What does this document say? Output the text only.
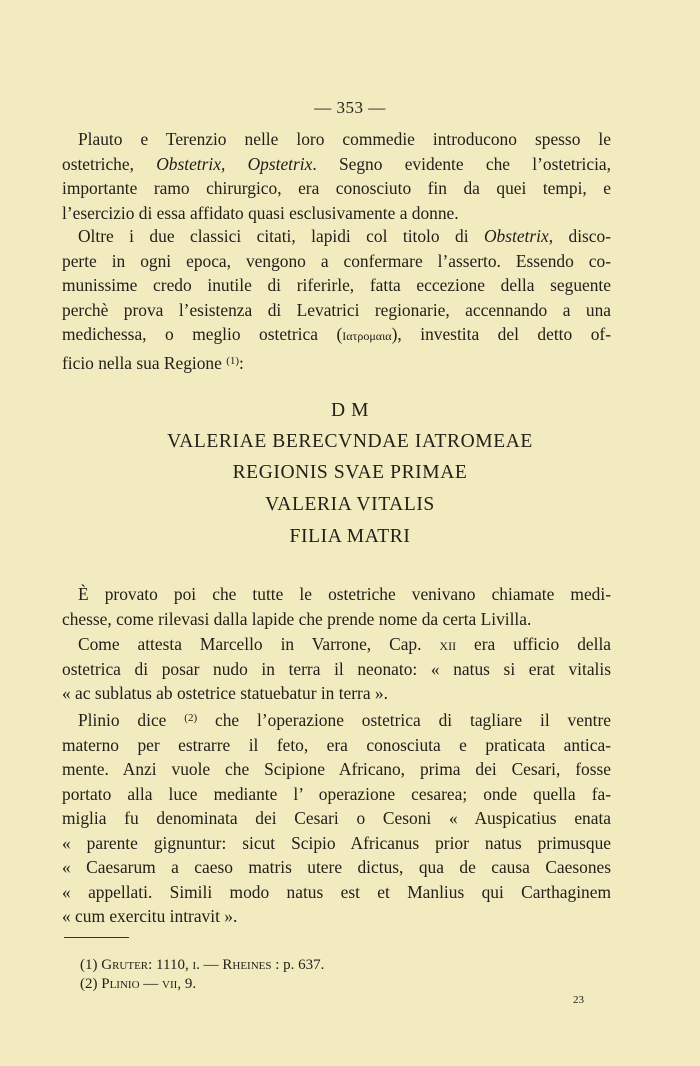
— 353 —
Plauto e Terenzio nelle loro commedie introducono spesso le
ostetriche, Obstetrix, Opstetrix. Segno evidente che l’ostetricia,
importante ramo chirurgico, era conosciuto fin da quei tempi, e
l’esercizio di essa affidato quasi esclusivamente a donne.
Oltre i due classici citati, lapidi col titolo di Obstetrix, disco-
perte in ogni epoca, vengono a confermare l’asserto. Essendo co-
munissime credo inutile di riferirle, fatta eccezione della seguente
perchè prova l’esistenza di Levatrici regionarie, accennando a una
medichessa, o meglio ostetrica (Ιατρομαια), investita del detto of-
ficio nella sua Regione $^{(1)}$:
D M
VALERIAE BERECVNDAE IATROMEAE
REGIONIS SVAE PRIMAE
VALERIA VITALIS
FILIA MATRI
È provato poi che tutte le ostetriche venivano chiamate medi-
chesse, come rilevasi dalla lapide che prende nome da certa Livilla.
Come attesta Marcello in Varrone, Cap. xii era ufficio della
ostetrica di posar nudo in terra il neonato: « natus si erat vitalis
« ac sublatus ab ostetrice statuebatur in terra ».
Plinio dice $^{(2)}$ che l’operazione ostetrica di tagliare il ventre
materno per estrarre il feto, era conosciuta e praticata antica-
mente. Anzi vuole che Scipione Africano, prima dei Cesari, fosse
portato alla luce mediante l’ operazione cesarea; onde quella fa-
miglia fu denominata dei Cesari o Cesoni « Auspicatius enata
« parente gignuntur: sicut Scipio Africanus prior natus primusque
« Caesarum a caeso matris utere dictus, qua de causa Caesones
« appellati. Simili modo natus est et Manlius qui Carthaginem
« cum exercitu intravit ».
(1) Gruter: 1110, i. — Rheines : p. 637.
(2) Plinio — vii, 9.
23
